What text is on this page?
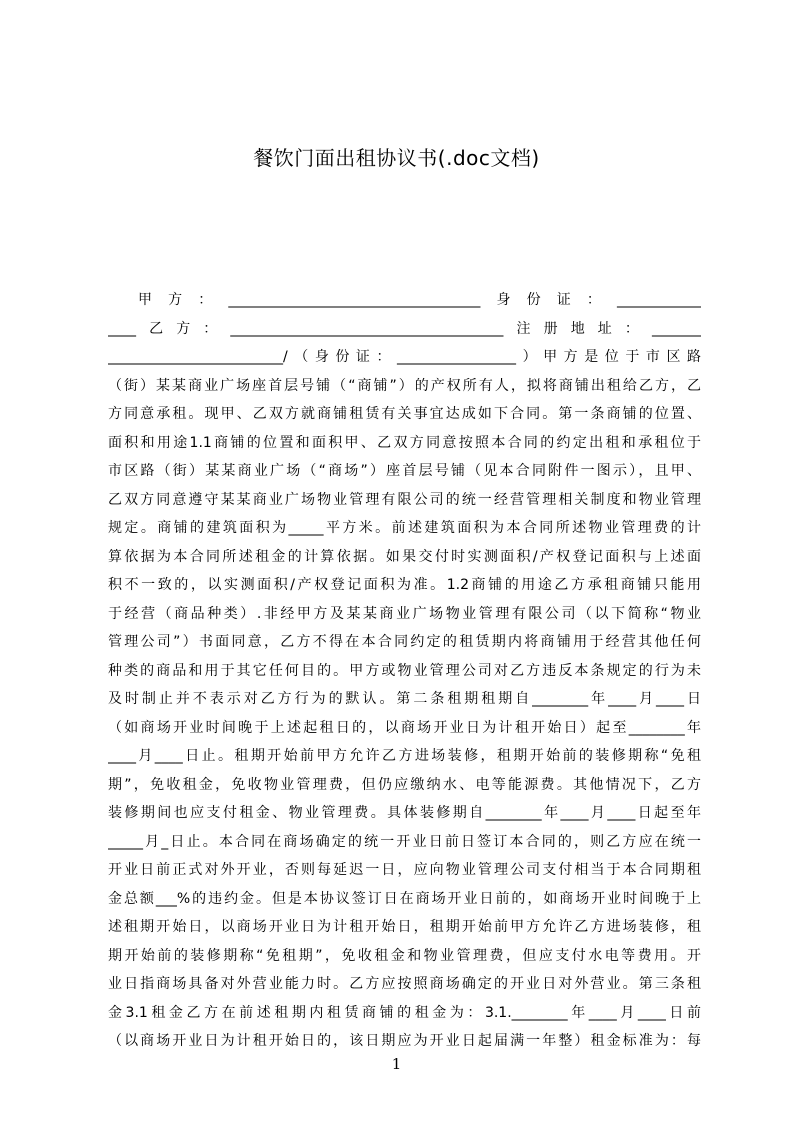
餐饮门面出租协议书(.doc文档)
甲方：____________________________________身份证：____________
____乙方：_______________________________________注册地址：_______
_________________________/（身份证：_________________）甲方是位于市区路
（街）某某商业广场座首层号铺（“商铺”）的产权所有人，拟将商铺出租给乙方，乙
方同意承租。现甲、乙双方就商铺租赁有关事宜达成如下合同。第一条商铺的位置、
面积和用途1.1商铺的位置和面积甲、乙双方同意按照本合同的约定出租和承租位于
市区路（街）某某商业广场（“商场”）座首层号铺（见本合同附件一图示），且甲、
乙双方同意遵守某某商业广场物业管理有限公司的统一经营管理相关制度和物业管理
规定。商铺的建筑面积为_____平方米。前述建筑面积为本合同所述物业管理费的计
算依据为本合同所述租金的计算依据。如果交付时实测面积/产权登记面积与上述面
积不一致的，以实测面积/产权登记面积为准。1.2商铺的用途乙方承租商铺只能用
于经营（商品种类）.非经甲方及某某商业广场物业管理有限公司（以下简称“物业
管理公司”）书面同意，乙方不得在本合同约定的租赁期内将商铺用于经营其他任何
种类的商品和用于其它任何目的。甲方或物业管理公司对乙方违反本条规定的行为未
及时制止并不表示对乙方行为的默认。第二条租期租期自________年____月____日
（如商场开业时间晚于上述起租日的，以商场开业日为计租开始日）起至________年
____月____日止。租期开始前甲方允许乙方进场装修，租期开始前的装修期称“免租
期”，免收租金，免收物业管理费，但仍应缴纳水、电等能源费。其他情况下，乙方
装修期间也应支付租金、物业管理费。具体装修期自________年____月____日起至年
_____月_日止。本合同在商场确定的统一开业日前日签订本合同的，则乙方应在统一
开业日前正式对外开业，否则每延迟一日，应向物业管理公司支付相当于本合同期租
金总额___%的违约金。但是本协议签订日在商场开业日前的，如商场开业时间晚于上
述租期开始日，以商场开业日为计租开始日，租期开始前甲方允许乙方进场装修，租
期开始前的装修期称“免租期”，免收租金和物业管理费，但应支付水电等费用。开
业日指商场具备对外营业能力时。乙方应按照商场确定的开业日对外营业。第三条租
金3.1租金乙方在前述租期内租赁商铺的租金为：3.1.________年____月____日前
（以商场开业日为计租开始日的，该日期应为开业日起届满一年整）租金标准为：每
1
